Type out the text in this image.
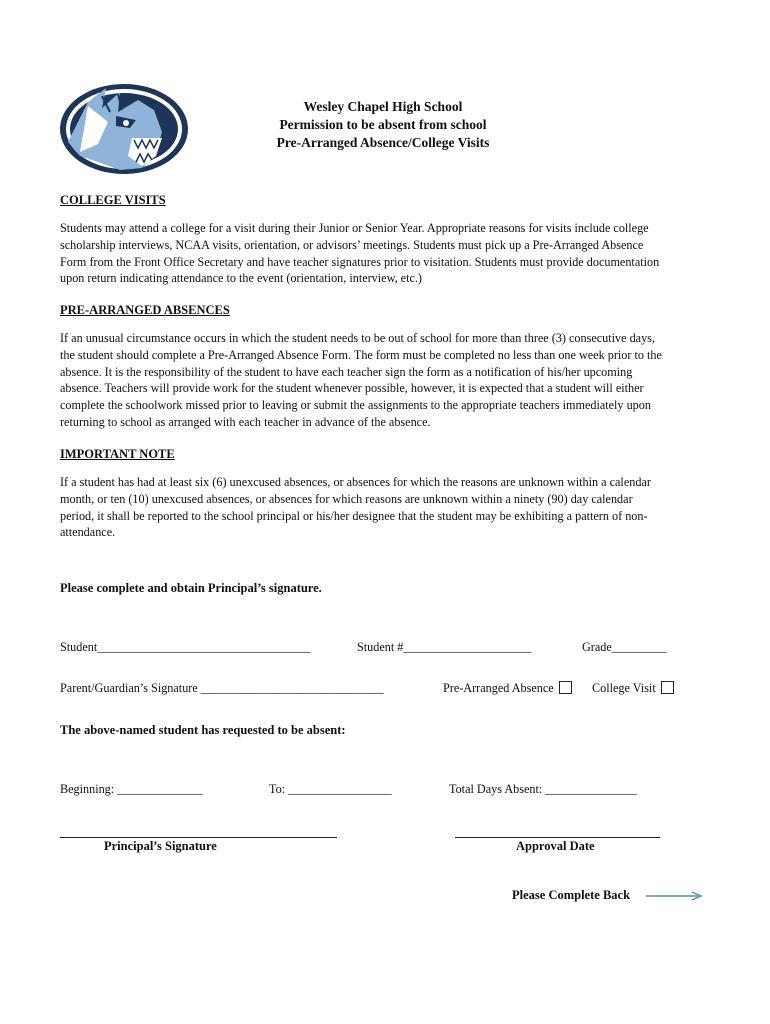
Wesley Chapel High School
Permission to be absent from school
Pre-Arranged Absence/College Visits
COLLEGE VISITS
Students may attend a college for a visit during their Junior or Senior Year. Appropriate reasons for visits include college
scholarship interviews, NCAA visits, orientation, or advisors’ meetings. Students must pick up a Pre-Arranged Absence
Form from the Front Office Secretary and have teacher signatures prior to visitation. Students must provide documentation
upon return indicating attendance to the event (orientation, interview, etc.)
PRE-ARRANGED ABSENCES
If an unusual circumstance occurs in which the student needs to be out of school for more than three (3) consecutive days,
the student should complete a Pre-Arranged Absence Form. The form must be completed no less than one week prior to the
absence. It is the responsibility of the student to have each teacher sign the form as a notification of his/her upcoming
absence. Teachers will provide work for the student whenever possible, however, it is expected that a student will either
complete the schoolwork missed prior to leaving or submit the assignments to the appropriate teachers immediately upon
returning to school as arranged with each teacher in advance of the absence.
IMPORTANT NOTE
If a student has had at least six (6) unexcused absences, or absences for which the reasons are unknown within a calendar
month, or ten (10) unexcused absences, or absences for which reasons are unknown within a ninety (90) day calendar
period, it shall be reported to the school principal or his/her designee that the student may be exhibiting a pattern of non-
attendance.
Please complete and obtain Principal’s signature.
Student___________________________________	Student #_____________________	Grade_________
Parent/Guardian’s Signature ______________________________	Pre-Arranged Absence	College Visit
The above-named student has requested to be absent:
Beginning: ______________	To: _________________	Total Days Absent: _______________
Principal’s Signature	Approval Date
Please Complete Back
